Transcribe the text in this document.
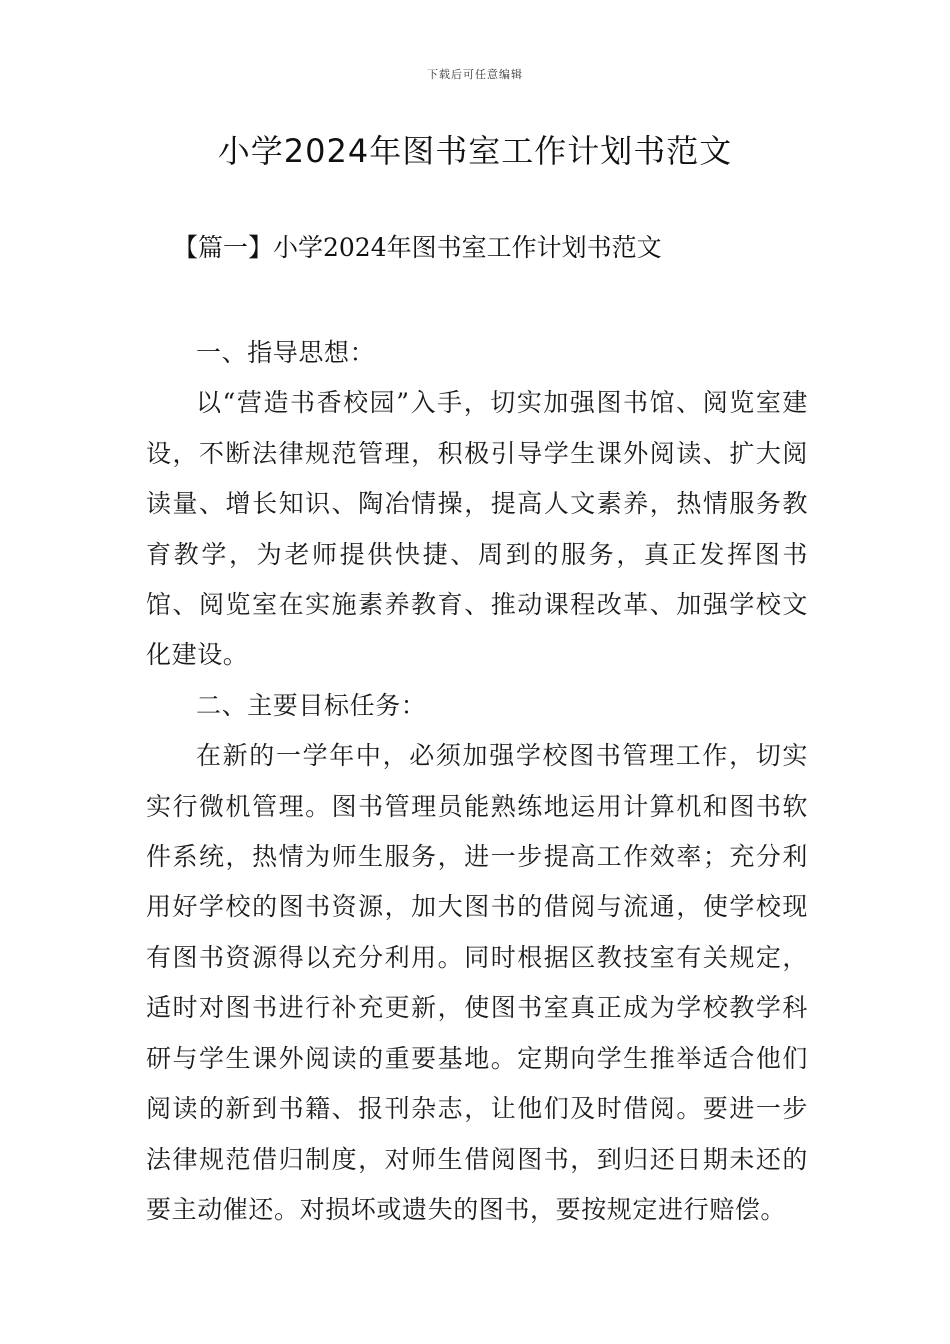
下载后可任意编辑
小学2024年图书室工作计划书范文
【篇一】小学2024年图书室工作计划书范文

一、指导思想：

以“营造书香校园”入手，切实加强图书馆、阅览室建设，不断法律规范管理，积极引导学生课外阅读、扩大阅读量、增长知识、陶冶情操，提高人文素养，热情服务教育教学，为老师提供快捷、周到的服务，真正发挥图书馆、阅览室在实施素养教育、推动课程改革、加强学校文化建设。

二、主要目标任务：

在新的一学年中，必须加强学校图书管理工作，切实实行微机管理。图书管理员能熟练地运用计算机和图书软件系统，热情为师生服务，进一步提高工作效率；充分利用好学校的图书资源，加大图书的借阅与流通，使学校现有图书资源得以充分利用。同时根据区教技室有关规定，适时对图书进行补充更新，使图书室真正成为学校教学科研与学生课外阅读的重要基地。定期向学生推举适合他们阅读的新到书籍、报刊杂志，让他们及时借阅。要进一步法律规范借归制度，对师生借阅图书，到归还日期未还的要主动催还。对损坏或遗失的图书，要按规定进行赔偿。
